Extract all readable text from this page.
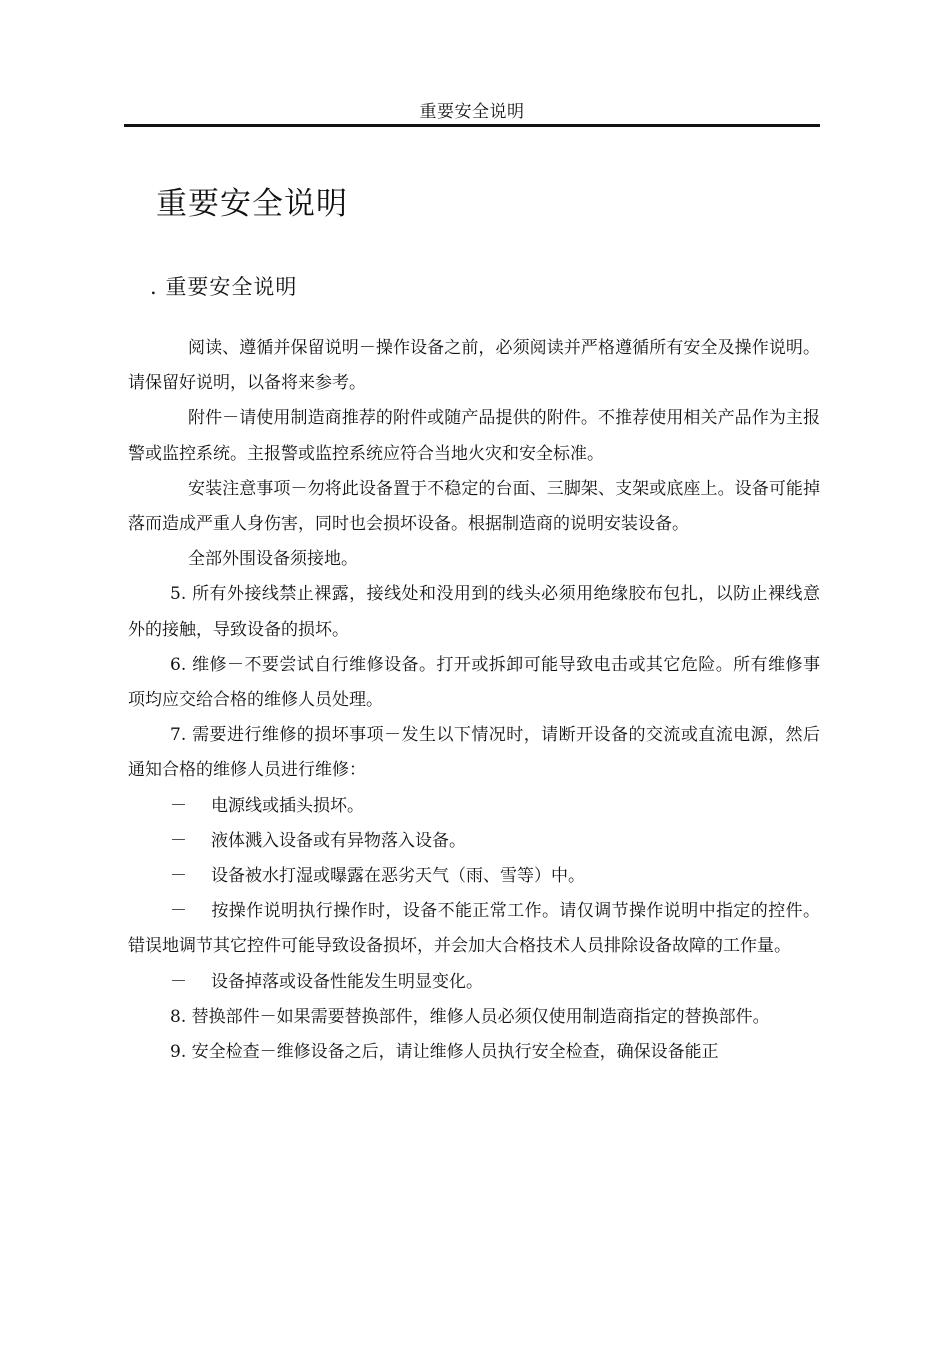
重要安全说明
重要安全说明
. 重要安全说明

阅读、遵循并保留说明－操作设备之前，必须阅读并严格遵循所有安全及操作说明。请保留好说明，以备将来参考。

附件－请使用制造商推荐的附件或随产品提供的附件。不推荐使用相关产品作为主报警或监控系统。主报警或监控系统应符合当地火灾和安全标准。

安装注意事项－勿将此设备置于不稳定的台面、三脚架、支架或底座上。设备可能掉落而造成严重人身伤害，同时也会损坏设备。根据制造商的说明安装设备。

全部外围设备须接地。

5. 所有外接线禁止裸露，接线处和没用到的线头必须用绝缘胶布包扎，以防止裸线意外的接触，导致设备的损坏。

6. 维修－不要尝试自行维修设备。打开或拆卸可能导致电击或其它危险。所有维修事项均应交给合格的维修人员处理。

7. 需要进行维修的损坏事项－发生以下情况时，请断开设备的交流或直流电源，然后通知合格的维修人员进行维修：

－ 电源线或插头损坏。

－ 液体溅入设备或有异物落入设备。

－ 设备被水打湿或曝露在恶劣天气（雨、雪等）中。

－ 按操作说明执行操作时，设备不能正常工作。请仅调节操作说明中指定的控件。错误地调节其它控件可能导致设备损坏，并会加大合格技术人员排除设备故障的工作量。

－ 设备掉落或设备性能发生明显变化。

8. 替换部件－如果需要替换部件，维修人员必须仅使用制造商指定的替换部件。

9. 安全检查－维修设备之后，请让维修人员执行安全检查，确保设备能正
